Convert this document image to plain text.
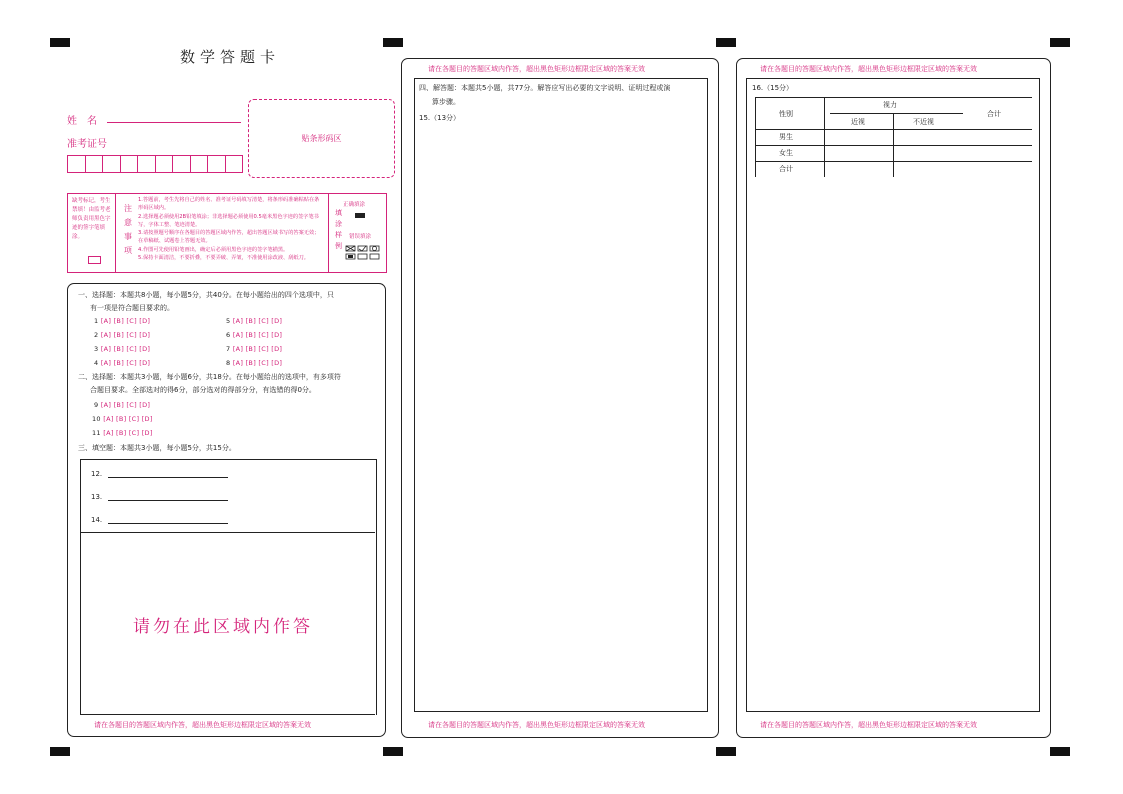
数学答题卡
姓　名
准考证号
贴条形码区
缺考标记，考生禁填！由监考老师负责用黑色字迹的签字笔填涂。
注意事项
1.答题前，考生先将自己的姓名、准考证号码填写清楚，将条形码准确粘贴在条形码区域内。
2.选择题必须使用2B铅笔填涂；非选择题必须使用0.5毫米黑色字迹的签字笔书写，字体工整、笔迹清楚。
3.请按照题号顺序在各题目的答题区域内作答，超出答题区域书写的答案无效；在草稿纸、试题卷上答题无效。
4.作图可先使用铅笔画出，确定后必须用黑色字迹的签字笔描黑。
5.保持卡面清洁，不要折叠，不要弄破、弄皱，不准使用涂改液、刮纸刀。
正确填涂
填涂样例
错误填涂
一、选择题：本题共8小题，每小题5分，共40分。在每小题给出的四个选项中，只
有一项是符合题目要求的。
1 [A] [B] [C] [D]
2 [A] [B] [C] [D]
3 [A] [B] [C] [D]
4 [A] [B] [C] [D]
5 [A] [B] [C] [D]
6 [A] [B] [C] [D]
7 [A] [B] [C] [D]
8 [A] [B] [C] [D]
二、选择题：本题共3小题，每小题6分，共18分。在每小题给出的选项中，有多项符
合题目要求。全部选对的得6分，部分选对的得部分分，有选错的得0分。
9 [A] [B] [C] [D]
10 [A] [B] [C] [D]
11 [A] [B] [C] [D]
三、填空题：本题共3小题，每小题5分，共15分。
12.
13.
14.
请勿在此区域内作答
请在各题目的答题区域内作答，超出黑色矩形边框限定区域的答案无效
请在各题目的答题区域内作答，超出黑色矩形边框限定区域的答案无效
四、解答题：本题共5小题，共77分。解答应写出必要的文字说明、证明过程或演
算步骤。
15.（13分）
请在各题目的答题区域内作答，超出黑色矩形边框限定区域的答案无效
请在各题目的答题区域内作答，超出黑色矩形边框限定区域的答案无效
16.（15分）
性别
视力
合计
近视	不近视
男生
女生
合计
请在各题目的答题区域内作答，超出黑色矩形边框限定区域的答案无效
